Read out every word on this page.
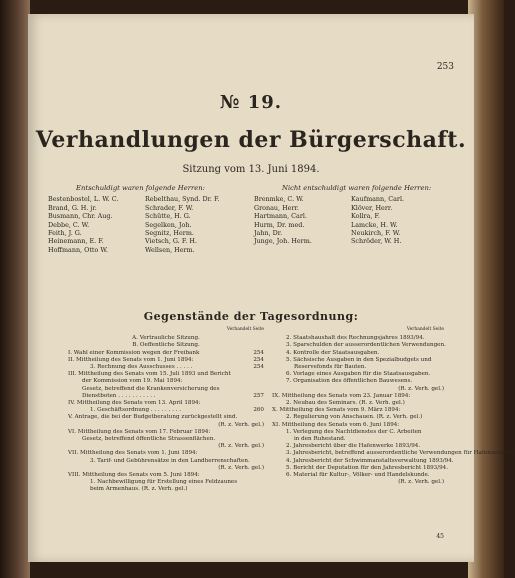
253
№ 19.
Verhandlungen der Bürgerschaft.
Sitzung vom 13. Juni 1894.
Entschuldigt waren folgende Herren:
Bestenbostel, L. W. C.	Rebelthau, Synd. Dr. F.
Brand, G. H. jr.	Schrader, F. W.
Busmann, Chr. Aug.	Schütte, H. G.
Debbe, C. W.	Segelken, Joh.
Feith, J. G.	Segnitz, Herm.
Heinemann, E. F.	Vietsch, G. F. H.
Hoffmann, Otto W.	Wellsen, Herm.
Nicht entschuldigt waren folgende Herren:
Brenmke, C. W.	Kaufmann, Carl.
Gronau, Herr.	Klöver, Herr.
Hartmann, Carl.	Kollra, F.
Hurm, Dr. med.	Lamcke, H. W.
Jahn, Dr.	Neukirch, F. W.
Junge, Joh. Herm.	Schröder, W. H.
Gegenstände der Tagesordnung:
Verhandelt Seite
A. Vertrauliche Sitzung.
B. Oeffentliche Sitzung.
I. Wahl einer Kommission wegen der Freibank	254
II. Mittheilung des Senats vom 1. Juni 1894:	254
3. Rechnung des Ausschusses . . . . .	254
III. Mittheilung des Senats vom 15. Juli 1893 und Bericht
der Kommission vom 19. Mai 1894:
Gesetz, betreffend die Krankenversicherung des
Dienstboten . . . . . . . . . . .	257
IV. Mittheilung des Senats vom 13. April 1894:
1. Geschäftsordnung . . . . . . . . .	260
V. Antrage, die bei der Budgetberatung zurückgestellt sind.
(R. z. Verh. gel.)
VI. Mittheilung des Senats vom 17. Februar 1894:
Gesetz, betreffend öffentliche Strassenflächen.
(R. z. Verh. gel.)
VII. Mittheilung des Senats vom 1. Juni 1894:
3. Tarif- und Gebührensätze in den Landherrenschaften.
(R. z. Verh. gel.)
VIII. Mittheilung des Senats vom 5. Juni 1894:
1. Nachbewilligung für Erstellung eines Feldzaunes
beim Armenhaus. (R. z. Verh. gel.)
Verhandelt Seite
2. Staatshaushalt des Rechnungsjahres 1893/94.
3. Sparschulden der ausserordentlichen Verwendungen.
4. Kontrolle der Staatsausgaben.
5. Sächsische Ausgaben in den Spezialbudgets und
Reservefonds für Bauten.
6. Vorlage eines Ausgaben für die Staatsausgaben.
7. Organisation des öffentlichen Bauwesens.
(R. z. Verh. gel.)
IX. Mittheilung des Senats vom 23. Januar 1894:
2. Neubau des Seminars. (R. z. Verh. gel.)
X. Mittheilung des Senats vom 9. März 1894:
2. Regulierung von Anschauen. (R. z. Verh. gel.)
XI. Mittheilung des Senats vom 6. Juni 1894:
1. Verlegung des Nachtdienstes der C. Arbeiten
in den Ruhestand.
2. Jahresbericht über die Hafenwerke 1893/94.
3. Jahresbericht, betreffend ausserordentliche Verwendungen für Hafenanlagen.
4. Jahresbericht der Schwimmanstaltsverwaltung 1893/94.
5. Bericht der Deputation für den Jahresbericht 1893/94.
6. Material für Kultur-, Völker- und Handelskunde.
(R. z. Verh. gel.)
45
